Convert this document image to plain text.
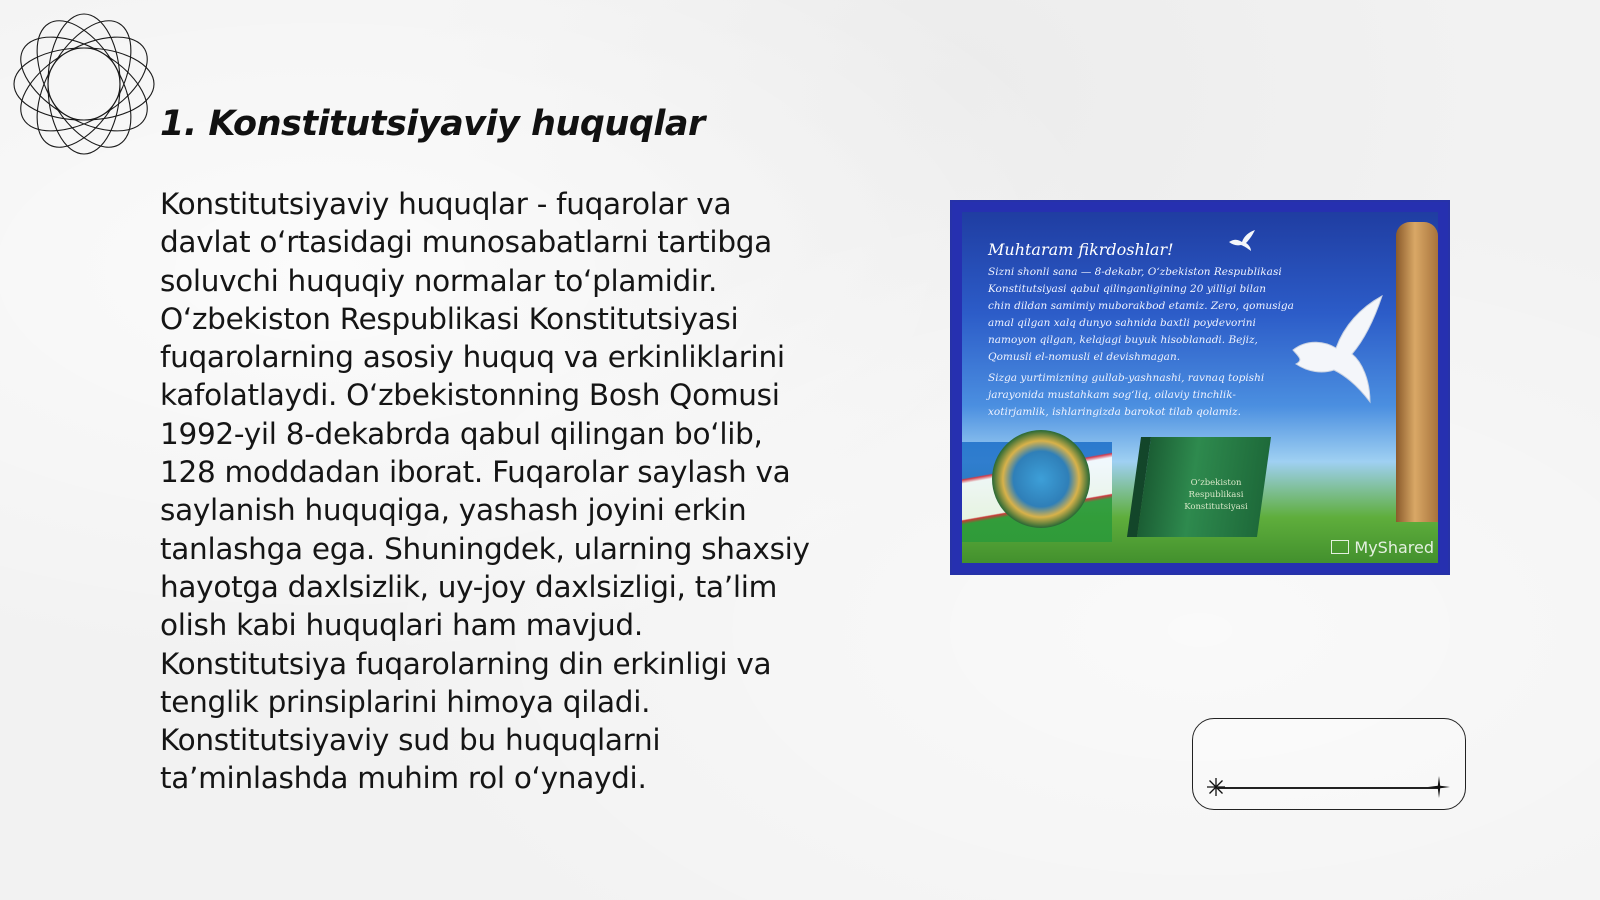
1. Konstitutsiyaviy huquqlar
Konstitutsiyaviy huquqlar - fuqarolar va
davlat oʻrtasidagi munosabatlarni tartibga
soluvchi huquqiy normalar toʻplamidir.
Oʻzbekiston Respublikasi Konstitutsiyasi
fuqarolarning asosiy huquq va erkinliklarini
kafolatlaydi. Oʻzbekistonning Bosh Qomusi
1992-yil 8-dekabrda qabul qilingan boʻlib,
128 moddadan iborat. Fuqarolar saylash va
saylanish huquqiga, yashash joyini erkin
tanlashga ega. Shuningdek, ularning shaxsiy
hayotga daxlsizlik, uy-joy daxlsizligi, taʼlim
olish kabi huquqlari ham mavjud.
Konstitutsiya fuqarolarning din erkinligi va
tenglik prinsiplarini himoya qiladi.
Konstitutsiyaviy sud bu huquqlarni
taʼminlashda muhim rol oʻynaydi.
Oʻzbekiston
Respublikasi
Konstitutsiyasi
Muhtaram fikrdoshlar!
Sizni shonli sana — 8-dekabr, Oʻzbekiston Respublikasi
Konstitutsiyasi qabul qilinganligining 20 yilligi bilan
chin dildan samimiy muborakbod etamiz. Zero, qomusiga
amal qilgan xalq dunyo sahnida baxtli poydevorini
namoyon qilgan, kelajagi buyuk hisoblanadi. Bejiz,
Qomusli el-nomusli el devishmagan.
Sizga yurtimizning gullab-yashnashi, ravnaq topishi
jarayonida mustahkam sogʻliq, oilaviy tinchlik-
xotirjamlik, ishlaringizda barokot tilab qolamiz.
MyShared
